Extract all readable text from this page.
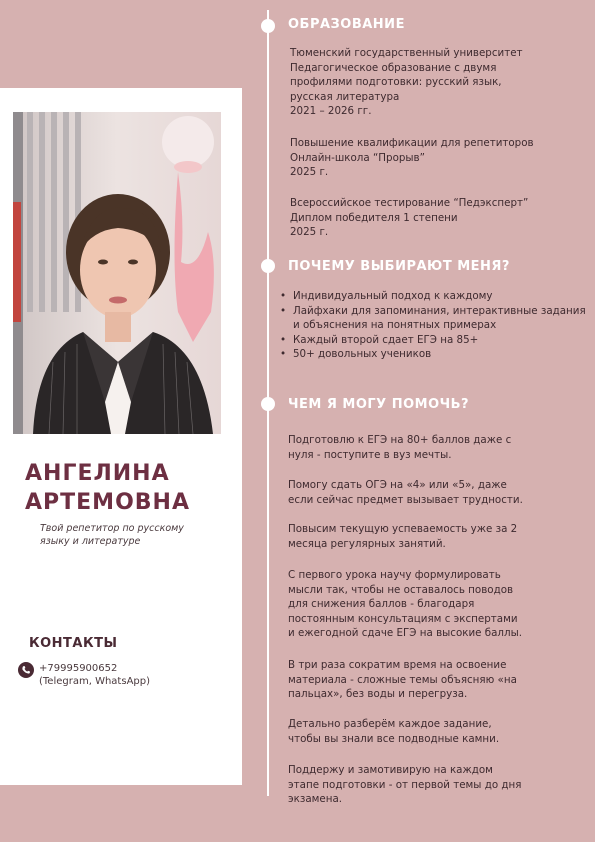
АНГЕЛИНА
АРТЕМОВНА

Твой репетитор по русскому
языку и литературе

КОНТАКТЫ
+79995900652
(Telegram, WhatsApp)
ОБРАЗОВАНИЕ

Тюменский государственный университет
Педагогическое образование с двумя
профилями подготовки: русский язык,
русская литература
2021 – 2026 гг.

Повышение квалификации для репетиторов
Онлайн-школа “Прорыв”
2025 г.

Всероссийское тестирование “Педэксперт”
Диплом победителя 1 степени
2025 г.

ПОЧЕМУ ВЫБИРАЮТ МЕНЯ?
• Индивидуальный подход к каждому
• Лайфхаки для запоминания, интерактивные задания и объяснения на понятных примерах
• Каждый второй сдает ЕГЭ на 85+
• 50+ довольных учеников
ЧЕМ Я МОГУ ПОМОЧЬ?

Подготовлю к ЕГЭ на 80+ баллов даже с
нуля - поступите в вуз мечты.

Помогу сдать ОГЭ на «4» или «5», даже
если сейчас предмет вызывает трудности.

Повысим текущую успеваемость уже за 2
месяца регулярных занятий.

С первого урока научу формулировать
мысли так, чтобы не оставалось поводов
для снижения баллов - благодаря
постоянным консультациям с экспертами
и ежегодной сдаче ЕГЭ на высокие баллы.

В три раза сократим время на освоение
материала - сложные темы объясняю «на
пальцах», без воды и перегруза.

Детально разберём каждое задание,
чтобы вы знали все подводные камни.

Поддержу и замотивирую на каждом
этапе подготовки - от первой темы до дня
экзамена.
